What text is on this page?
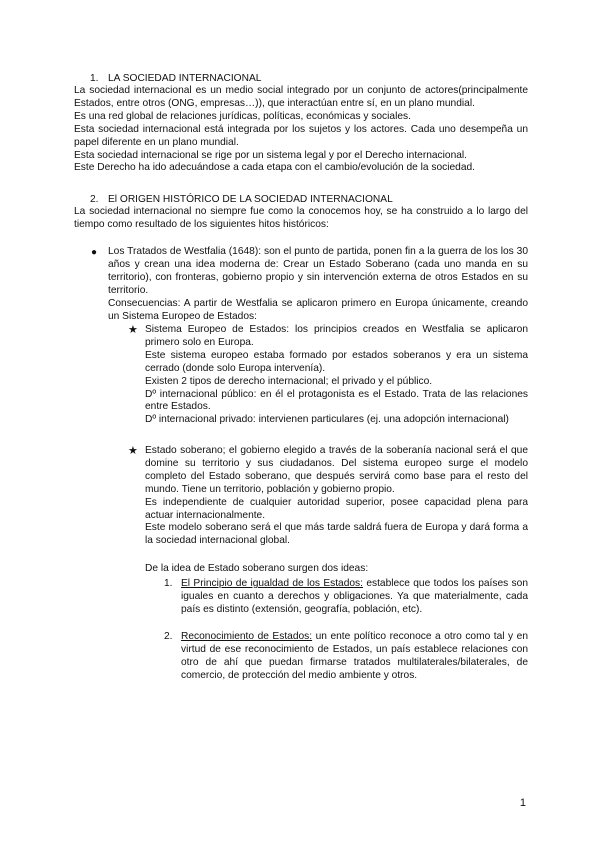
1. LA SOCIEDAD INTERNACIONAL

La sociedad internacional es un medio social integrado por un conjunto de actores(principalmente Estados, entre otros (ONG, empresas…)), que interactúan entre sí, en un plano mundial.

Es una red global de relaciones jurídicas, políticas, económicas y sociales.

Esta sociedad internacional está integrada por los sujetos y los actores. Cada uno desempeña un papel diferente en un plano mundial.

Esta sociedad internacional se rige por un sistema legal y por el Derecho internacional.

Este Derecho ha ido adecuándose a cada etapa con el cambio/evolución de la sociedad.

2. El ORIGEN HISTÓRICO DE LA SOCIEDAD INTERNACIONAL

La sociedad internacional no siempre fue como la conocemos hoy, se ha construido a lo largo del tiempo como resultado de los siguientes hitos históricos:

● Los Tratados de Westfalia (1648): son el punto de partida, ponen fin a la guerra de los los 30 años y crean una idea moderna de: Crear un Estado Soberano (cada uno manda en su territorio), con fronteras, gobierno propio y sin intervención externa de otros Estados en su territorio.

Consecuencias: A partir de Westfalia se aplicaron primero en Europa únicamente, creando un Sistema Europeo de Estados:

★ Sistema Europeo de Estados: los principios creados en Westfalia se aplicaron primero solo en Europa.

Este sistema europeo estaba formado por estados soberanos y era un sistema cerrado (donde solo Europa intervenía).

Existen 2 tipos de derecho internacional; el privado y el público.

Dº internacional público: en él el protagonista es el Estado. Trata de las relaciones entre Estados.

Dº internacional privado: intervienen particulares (ej. una adopción internacional)

★ Estado soberano; el gobierno elegido a través de la soberanía nacional será el que domine su territorio y sus ciudadanos. Del sistema europeo surge el modelo completo del Estado soberano, que después servirá como base para el resto del mundo. Tiene un territorio, población y gobierno propio.

Es independiente de cualquier autoridad superior, posee capacidad plena para actuar internacionalmente.

Este modelo soberano será el que más tarde saldrá fuera de Europa y dará forma a la sociedad internacional global.

De la idea de Estado soberano surgen dos ideas:

1. El Principio de igualdad de los Estados: establece que todos los países son iguales en cuanto a derechos y obligaciones. Ya que materialmente, cada país es distinto (extensión, geografía, población, etc).

2. Reconocimiento de Estados: un ente político reconoce a otro como tal y en virtud de ese reconocimiento de Estados, un país establece relaciones con otro de ahí que puedan firmarse tratados multilaterales/bilaterales, de comercio, de protección del medio ambiente y otros.

1
